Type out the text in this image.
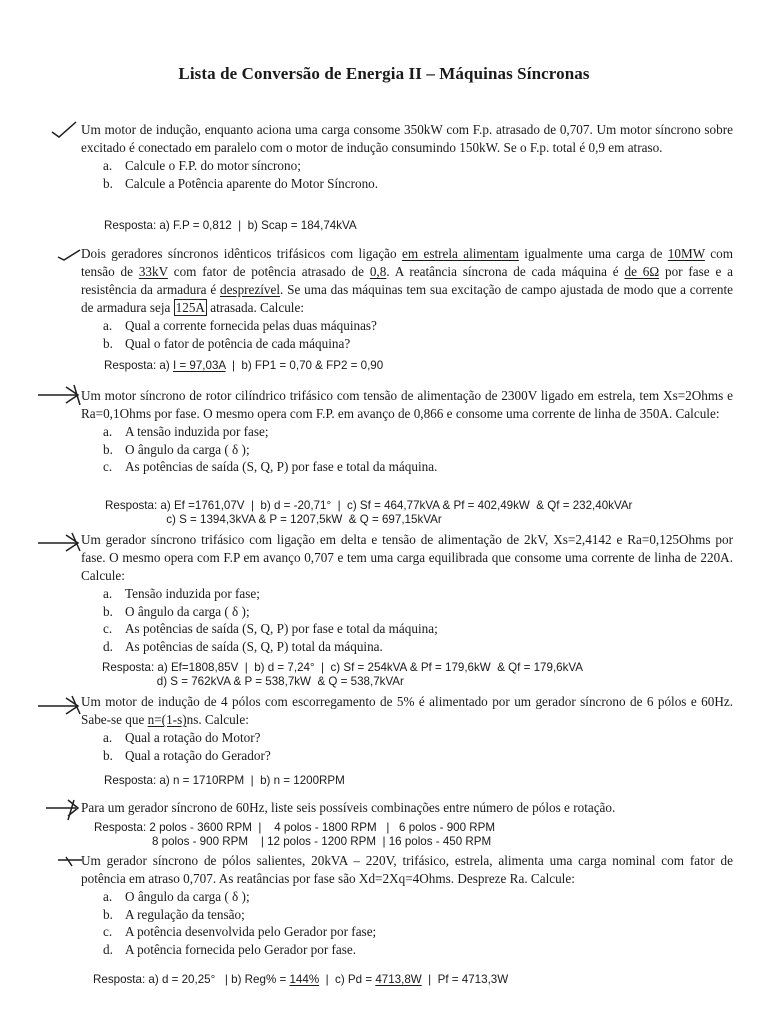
Lista de Conversão de Energia II – Máquinas Síncronas

Um motor de indução, enquanto aciona uma carga consome 350kW com F.p. atrasado de 0,707. Um motor síncrono sobre excitado é conectado em paralelo com o motor de indução consumindo 150kW. Se o F.p. total é 0,9 em atraso.

a. Calcule o F.P. do motor síncrono;
b. Calcule a Potência aparente do Motor Síncrono.
Resposta: a) F.P = 0,812  |  b) Scap = 184,74kVA

Dois geradores síncronos idênticos trifásicos com ligação em estrela alimentam igualmente uma carga de 10MW com tensão de 33kV com fator de potência atrasado de 0,8. A reatância síncrona de cada máquina é de 6Ω por fase e a resistência da armadura é desprezível. Se uma das máquinas tem sua excitação de campo ajustada de modo que a corrente de armadura seja 125A atrasada. Calcule:

a. Qual a corrente fornecida pelas duas máquinas?
b. Qual o fator de potência de cada máquina?
Resposta: a) I = 97,03A  |  b) FP1 = 0,70 & FP2 = 0,90

Um motor síncrono de rotor cilíndrico trifásico com tensão de alimentação de 2300V ligado em estrela, tem Xs=2Ohms e Ra=0,1Ohms por fase. O mesmo opera com F.P. em avanço de 0,866 e consome uma corrente de linha de 350A. Calcule:

a. A tensão induzida por fase;
b. O ângulo da carga ( δ );
c. As potências de saída (S, Q, P) por fase e total da máquina.
Resposta: a) Ef =1761,07V  |  b) d = -20,71°  |  c) Sf = 464,77kVA & Pf = 402,49kW  & Qf = 232,40kVAr
c) S = 1394,3kVA & P = 1207,5kW  & Q = 697,15kVAr

Um gerador síncrono trifásico com ligação em delta e tensão de alimentação de 2kV, Xs=2,4142 e Ra=0,125Ohms por fase. O mesmo opera com F.P em avanço 0,707 e tem uma carga equilibrada que consome uma corrente de linha de 220A. Calcule:

a. Tensão induzida por fase;
b. O ângulo da carga ( δ );
c. As potências de saída (S, Q, P) por fase e total da máquina;
d. As potências de saída (S, Q, P) total da máquina.
Resposta: a) Ef=1808,85V  |  b) d = 7,24°  |  c) Sf = 254kVA & Pf = 179,6kW  & Qf = 179,6kVA
d) S = 762kVA & P = 538,7kW  & Q = 538,7kVAr

Um motor de indução de 4 pólos com escorregamento de 5% é alimentado por um gerador síncrono de 6 pólos e 60Hz. Sabe-se que n=(1-s)ns. Calcule:

a. Qual a rotação do Motor?
b. Qual a rotação do Gerador?
Resposta: a) n = 1710RPM  |  b) n = 1200RPM

Para um gerador síncrono de 60Hz, liste seis possíveis combinações entre número de pólos e rotação.

Resposta: 2 polos - 3600 RPM  |    4 polos - 1800 RPM   |   6 polos - 900 RPM
8 polos - 900 RPM    | 12 polos - 1200 RPM  | 16 polos - 450 RPM

Um gerador síncrono de pólos salientes, 20kVA – 220V, trifásico, estrela, alimenta uma carga nominal com fator de potência em atraso 0,707. As reatâncias por fase são Xd=2Xq=4Ohms. Despreze Ra. Calcule:

a. O ângulo da carga ( δ );
b. A regulação da tensão;
c. A potência desenvolvida pelo Gerador por fase;
d. A potência fornecida pelo Gerador por fase.
Resposta: a) d = 20,25°   | b) Reg% = 144%  |  c) Pd = 4713,8W  |  Pf = 4713,3W
